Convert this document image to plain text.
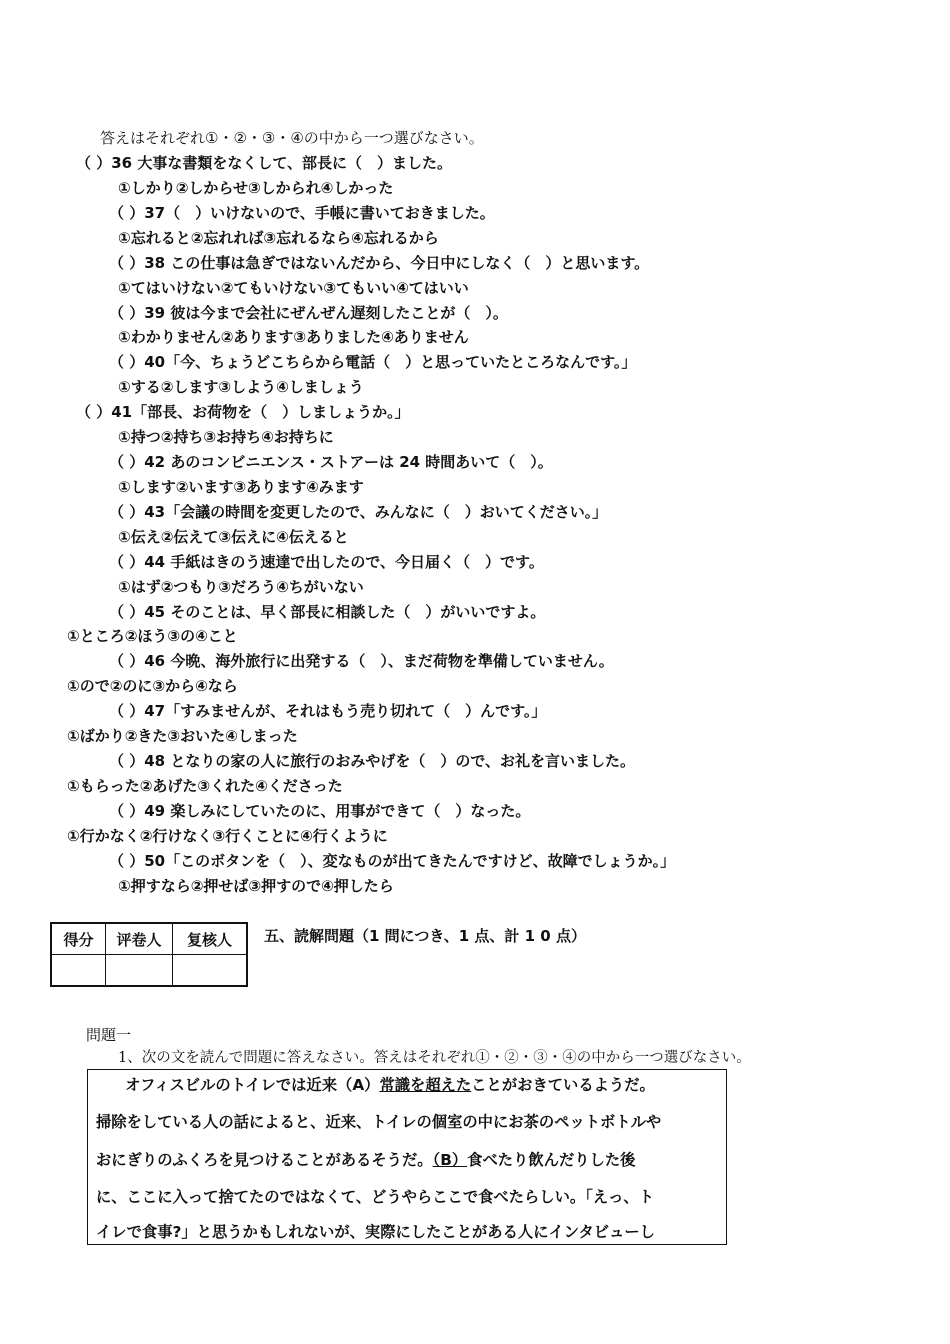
答えはそれぞれ①・②・③・④の中から一つ選びなさい。
（ ）36 大事な書類をなくして、部長に（　）ました。
①しかり②しからせ③しかられ④しかった
（ ）37（　）いけないので、手帳に書いておきました。
①忘れると②忘れれば③忘れるなら④忘れるから
（ ）38 この仕事は急ぎではないんだから、今日中にしなく（　）と思います。
①てはいけない②てもいけない③てもいい④てはいい
（ ）39 彼は今まで会社にぜんぜん遅刻したことが（　）。
①わかりません②あります③ありました④ありません
（ ）40「今、ちょうどこちらから電話（　）と思っていたところなんです。」
①する②します③しよう④しましょう
（ ）41「部長、お荷物を（　）しましょうか。」
①持つ②持ち③お持ち④お持ちに
（ ）42 あのコンビニエンス・ストアーは 24 時間あいて（　）。
①します②います③あります④みます
（ ）43「会議の時間を変更したので、みんなに（　）おいてください。」
①伝え②伝えて③伝えに④伝えると
（ ）44 手紙はきのう速達で出したので、今日届く（　）です。
①はず②つもり③だろう④ちがいない
（ ）45 そのことは、早く部長に相談した（　）がいいですよ。
①ところ②ほう③の④こと
（ ）46 今晩、海外旅行に出発する（　）、まだ荷物を準備していません。
①ので②のに③から④なら
（ ）47「すみませんが、それはもう売り切れて（　）んです。」
①ばかり②きた③おいた④しまった
（ ）48 となりの家の人に旅行のおみやげを（　）ので、お礼を言いました。
①もらった②あげた③くれた④くださった
（ ）49 楽しみにしていたのに、用事ができて（　）なった。
①行かなく②行けなく③行くことに④行くように
（ ）50「このボタンを（　）、変なものが出てきたんですけど、故障でしょうか。」
①押すなら②押せば③押すので④押したら
得分	评卷人	复核人
		五、読解問題（1 問につき、1 点、計 1 0 点）
問題一
1、次の文を読んで問題に答えなさい。答えはそれぞれ①・②・③・④の中から一つ選びなさい。
　オフィスビルのトイレでは近来（A）常識を超えたことがおきているようだ。
掃除をしている人の話によると、近来、トイレの個室の中にお茶のペットボトルや
おにぎりのふくろを見つけることがあるそうだ。（B）食べたり飲んだりした後
に、ここに入って捨てたのではなくて、どうやらここで食べたらしい。「えっ、ト
イレで食事?」と思うかもしれないが、実際にしたことがある人にインタビューし
